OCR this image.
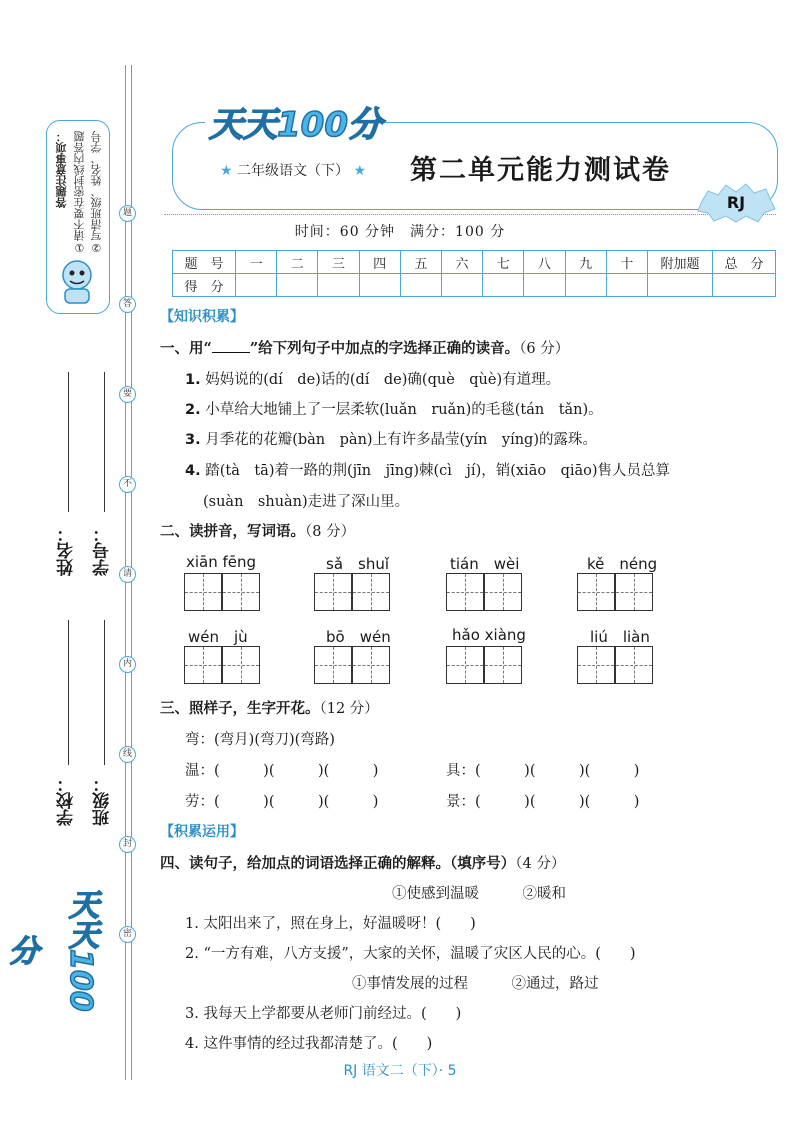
题
答
要
不
请
内
线
封
密
答题注意事项： ①请不要在密封线内答题 ②写清班级、姓名、学号
姓名： 学号：
学校： 班级：
天天100分
天天100分
★ 二年级语文（下） ★ 第二单元能力测试卷
RJ
时间：60 分钟　满分：100 分
题　号	一	二	三	四	五	六	七	八	九	十	附加题	总　分
得　分												
【知识积累】
一、用“	”给下列句子中加点的字选择正确的读音。（6 分）
1. 妈妈说的(dí　de)话的(dí　de)确(què　qùè)有道理。
2. 小草给大地铺上了一层柔软(luǎn　ruǎn)的毛毯(tán　tǎn)。
3. 月季花的花瓣(bàn　pàn)上有许多晶莹(yín　yíng)的露珠。
4. 踏(tà　tā)着一路的荆(jīn　jīng)棘(cì　jí)，销(xiāo　qiāo)售人员总算
(suàn　shuàn)走进了深山里。
二、读拼音，写词语。（8 分）
xiān fēng	sǎ　shuǐ	tián　wèi	kě　néng
wén　jù	bō　wén	hǎo xiàng	liú　liàn
三、照样子，生字开花。（12 分）
弯：(弯月)(弯刀)(弯路)
温：(　　　)(　　　)(　　　)	具：(　　　)(　　　)(　　　)
劳：(　　　)(　　　)(　　　)	景：(　　　)(　　　)(　　　)
【积累运用】
四、读句子，给加点的词语选择正确的解释。（填序号）（4 分）
①使感到温暖　　　②暖和
1. 太阳出来了，照在身上，好温暖呀！(　　)
2. “一方有难，八方支援”，大家的关怀，温暖了灾区人民的心。(　　)
①事情发展的过程　　　②通过，路过
3. 我每天上学都要从老师门前经过。(　　)
4. 这件事情的经过我都清楚了。(　　)
RJ 语文二（下）· 5
